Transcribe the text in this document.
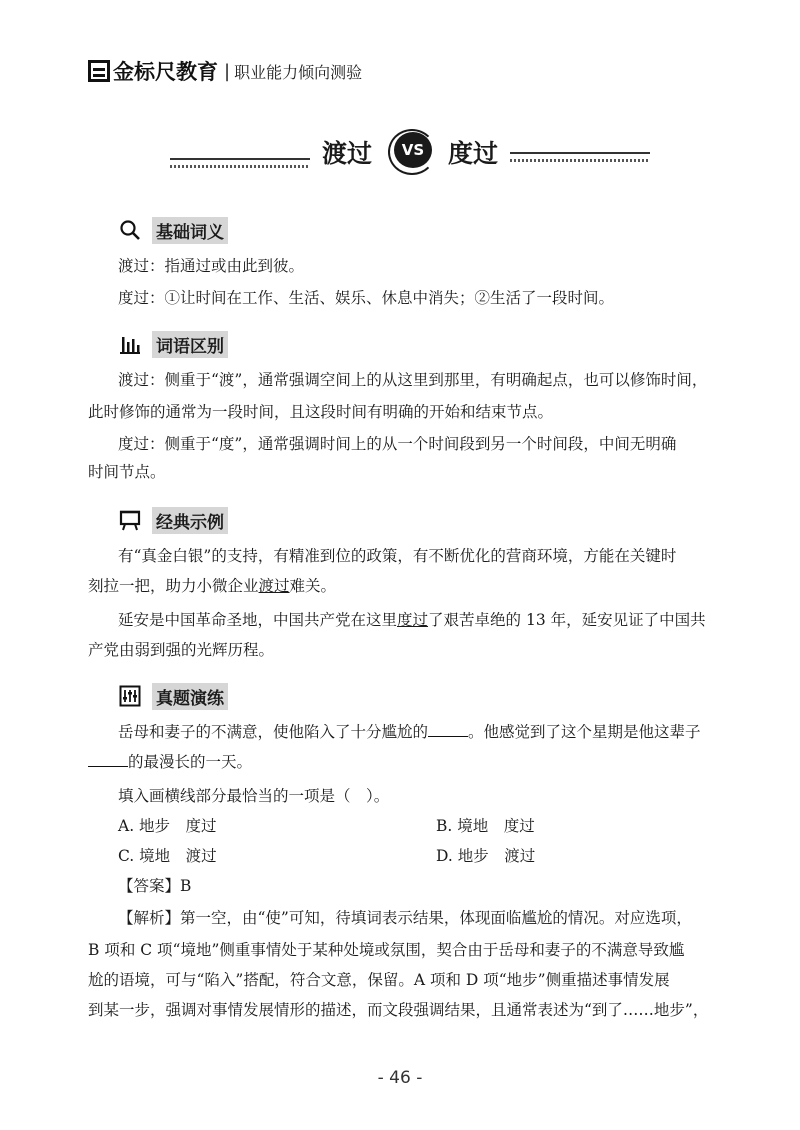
金标尺教育 | 职业能力倾向测验
渡过	VS 度过
基础词义
渡过：指通过或由此到彼。
度过：①让时间在工作、生活、娱乐、休息中消失；②生活了一段时间。
词语区别
渡过：侧重于“渡”，通常强调空间上的从这里到那里，有明确起点，也可以修饰时间，
此时修饰的通常为一段时间，且这段时间有明确的开始和结束节点。
度过：侧重于“度”，通常强调时间上的从一个时间段到另一个时间段，中间无明确
时间节点。
经典示例
有“真金白银”的支持，有精准到位的政策，有不断优化的营商环境，方能在关键时
刻拉一把，助力小微企业渡过难关。
延安是中国革命圣地，中国共产党在这里度过了艰苦卓绝的 13 年，延安见证了中国共
产党由弱到强的光辉历程。
真题演练
岳母和妻子的不满意，使他陷入了十分尴尬的	。他感觉到了这个星期是他这辈子
的最漫长的一天。
填入画横线部分最恰当的一项是（　）。
A. 地步　度过	B. 境地　度过
C. 境地　渡过	D. 地步　渡过
【答案】B
【解析】第一空，由“使”可知，待填词表示结果，体现面临尴尬的情况。对应选项，
B 项和 C 项“境地”侧重事情处于某种处境或氛围，契合由于岳母和妻子的不满意导致尴
尬的语境，可与“陷入”搭配，符合文意，保留。A 项和 D 项“地步”侧重描述事情发展
到某一步，强调对事情发展情形的描述，而文段强调结果，且通常表述为“到了……地步”，
- 46 -
